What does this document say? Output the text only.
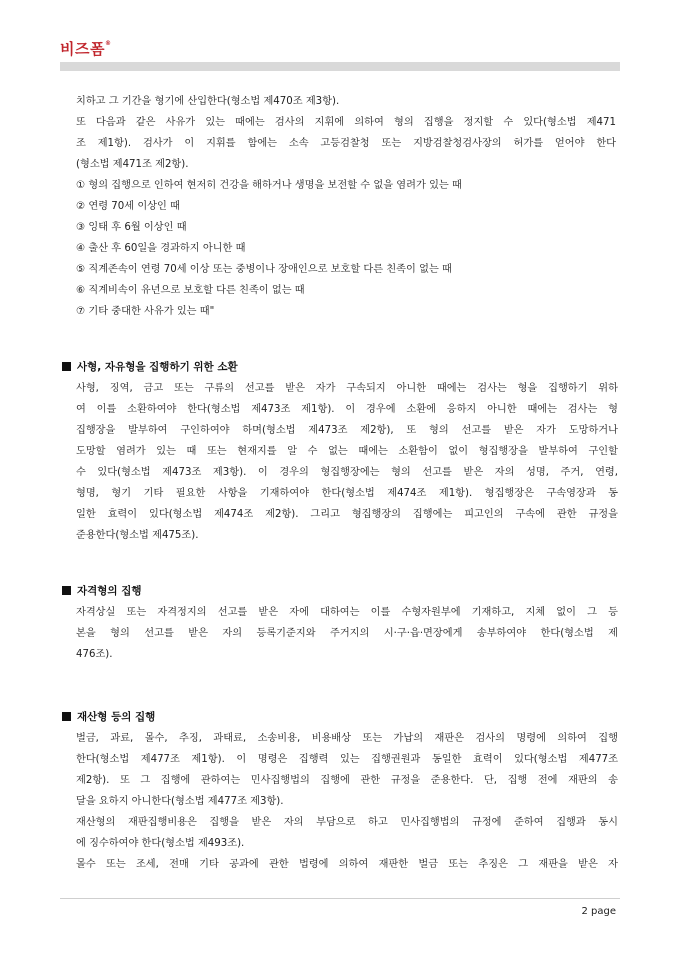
비즈폼®
치하고 그 기간을 형기에 산입한다(형소법 제470조 제3항).
또 다음과 같은 사유가 있는 때에는 검사의 지휘에 의하여 형의 집행을 정지할 수 있다(형소법 제471
조 제1항). 검사가 이 지휘를 함에는 소속 고등검찰청 또는 지방검찰청검사장의 허가를 얻어야 한다
(형소법 제471조 제2항).
① 형의 집행으로 인하여 현저히 건강을 해하거나 생명을 보전할 수 없을 염려가 있는 때
② 연령 70세 이상인 때
③ 잉태 후 6월 이상인 때
④ 출산 후 60일을 경과하지 아니한 때
⑤ 직계존속이 연령 70세 이상 또는 중병이나 장애인으로 보호할 다른 친족이 없는 때
⑥ 직계비속이 유년으로 보호할 다른 친족이 없는 때
⑦ 기타 중대한 사유가 있는 때"
사형, 자유형을 집행하기 위한 소환
사형, 징역, 금고 또는 구류의 선고를 받은 자가 구속되지 아니한 때에는 검사는 형을 집행하기 위하
여 이를 소환하여야 한다(형소법 제473조 제1항). 이 경우에 소환에 응하지 아니한 때에는 검사는 형
집행장을 발부하여 구인하여야 하며(형소법 제473조 제2항), 또 형의 선고를 받은 자가 도망하거나
도망할 염려가 있는 때 또는 현재지를 알 수 없는 때에는 소환함이 없이 형집행장을 발부하여 구인할
수 있다(형소법 제473조 제3항). 이 경우의 형집행장에는 형의 선고를 받은 자의 성명, 주거, 연령,
형명, 형기 기타 필요한 사항을 기재하여야 한다(형소법 제474조 제1항). 형집행장은 구속영장과 동
일한 효력이 있다(형소법 제474조 제2항). 그리고 형집행장의 집행에는 피고인의 구속에 관한 규정을
준용한다(형소법 제475조).
자격형의 집행
자격상실 또는 자격정지의 선고를 받은 자에 대하여는 이를 수형자원부에 기재하고, 지체 없이 그 등
본을 형의 선고를 받은 자의 등록기준지와 주거지의 시·구·읍·면장에게 송부하여야 한다(형소법 제
476조).
재산형 등의 집행
벌금, 과료, 몰수, 추징, 과태료, 소송비용, 비용배상 또는 가납의 재판은 검사의 명령에 의하여 집행
한다(형소법 제477조 제1항). 이 명령은 집행력 있는 집행권원과 동일한 효력이 있다(형소법 제477조
제2항). 또 그 집행에 관하여는 민사집행법의 집행에 관한 규정을 준용한다. 단, 집행 전에 재판의 송
달을 요하지 아니한다(형소법 제477조 제3항).
재산형의 재판집행비용은 집행을 받은 자의 부담으로 하고 민사집행법의 규정에 준하여 집행과 동시
에 징수하여야 한다(형소법 제493조).
몰수 또는 조세, 전매 기타 공과에 관한 법령에 의하여 재판한 벌금 또는 추징은 그 재판을 받은 자
2 page
